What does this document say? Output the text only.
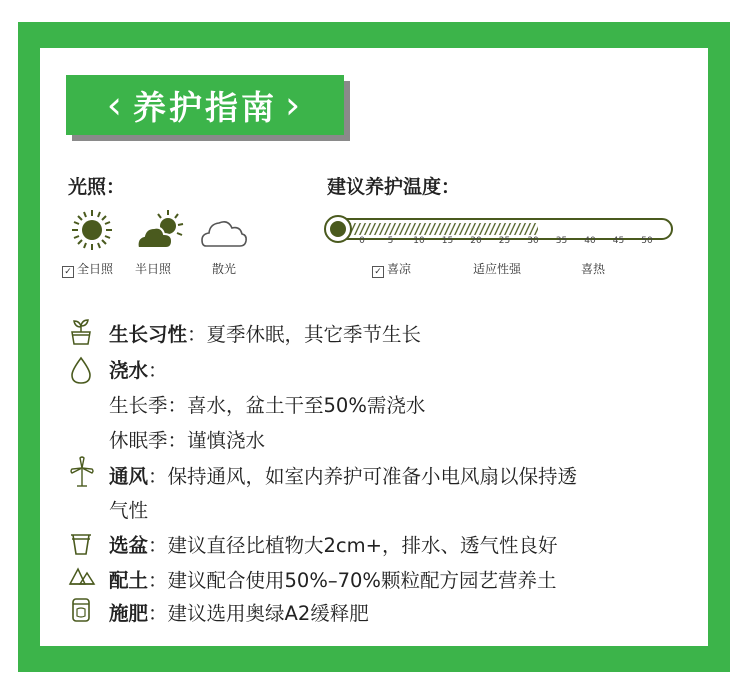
‹ 养护指南 ›
光照：
✓ 全日照 半日照	散光
建议养护温度：
0	5 10 15 20 25 30 35 40 45 50
✓ 喜凉	适应性强	喜热
生长习性：夏季休眠，其它季节生长
浇水：
生长季：喜水，盆土干至50%需浇水
休眠季：谨慎浇水
通风：保持通风，如室内养护可准备小电风扇以保持透
气性
选盆：建议直径比植物大2cm+，排水、透气性良好
配土：建议配合使用50%–70%颗粒配方园艺营养土
施肥：建议选用奥绿A2缓释肥
